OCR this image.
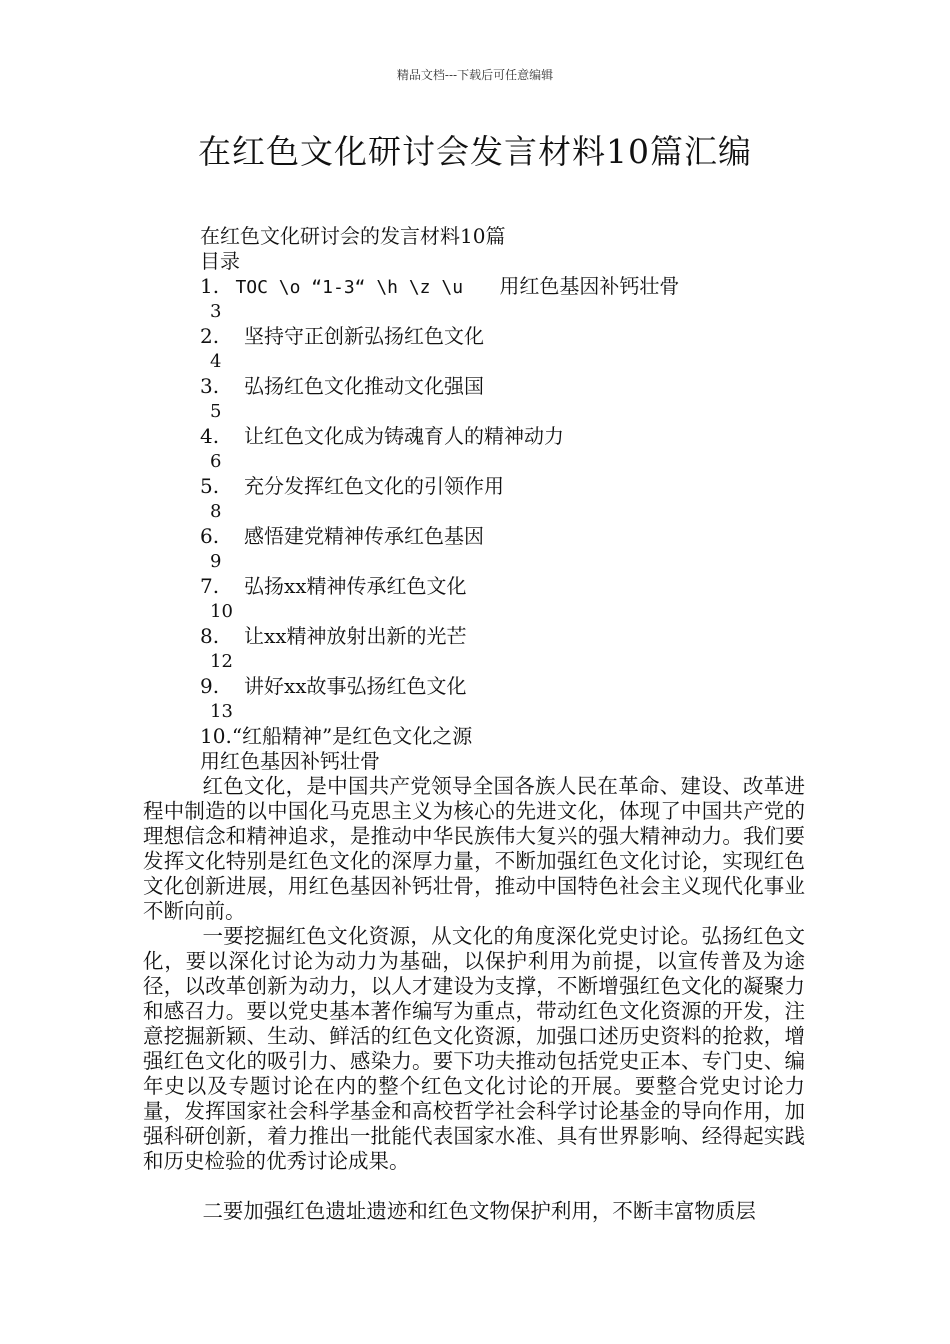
精品文档---下载后可任意编辑
在红色文化研讨会发言材料10篇汇编
在红色文化研讨会的发言材料10篇
目录
1. TOC \o “1-3“ \h \z \u 用红色基因补钙壮骨
3
2. 坚持守正创新弘扬红色文化
4
3. 弘扬红色文化推动文化强国
5
4. 让红色文化成为铸魂育人的精神动力
6
5. 充分发挥红色文化的引领作用
8
6. 感悟建党精神传承红色基因
9
7. 弘扬xx精神传承红色文化
10
8. 让xx精神放射出新的光芒
12
9. 讲好xx故事弘扬红色文化
13
10.“红船精神”是红色文化之源
用红色基因补钙壮骨

红色文化，是中国共产党领导全国各族人民在革命、建设、改革进程中制造的以中国化马克思主义为核心的先进文化，体现了中国共产党的理想信念和精神追求，是推动中华民族伟大复兴的强大精神动力。我们要发挥文化特别是红色文化的深厚力量，不断加强红色文化讨论，实现红色文化创新进展，用红色基因补钙壮骨，推动中国特色社会主义现代化事业不断向前。

一要挖掘红色文化资源，从文化的角度深化党史讨论。弘扬红色文化，要以深化讨论为动力为基础，以保护利用为前提，以宣传普及为途径，以改革创新为动力，以人才建设为支撑，不断增强红色文化的凝聚力和感召力。要以党史基本著作编写为重点，带动红色文化资源的开发，注意挖掘新颖、生动、鲜活的红色文化资源，加强口述历史资料的抢救，增强红色文化的吸引力、感染力。要下功夫推动包括党史正本、专门史、编年史以及专题讨论在内的整个红色文化讨论的开展。要整合党史讨论力量，发挥国家社会科学基金和高校哲学社会科学讨论基金的导向作用，加强科研创新，着力推出一批能代表国家水准、具有世界影响、经得起实践和历史检验的优秀讨论成果。

二要加强红色遗址遗迹和红色文物保护利用，不断丰富物质层
